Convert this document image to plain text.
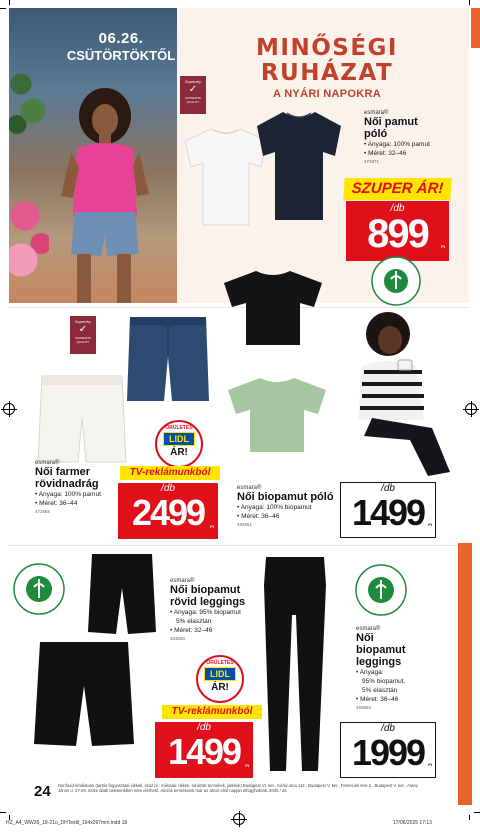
06.26.
CSÜTÖRTÖKTŐL	MINŐSÉGI
RUHÁZAT
A NYÁRI NAPOKRA
Superdry
✓
SUPERIOR QUALITY
esmara®
Női pamut
póló
• Anyaga: 100% pamut
• Méret: 32–46
472871
SZUPER ÁR!
/db
899	Ft
Superdry
✓
SUPERIOR QUALITY
esmara®
Női farmer
rövidnadrág
• Anyaga: 100% pamut
• Méret: 36–44
472865
ŐRÜLETES
LIDL
ÁR!
TV-reklámunkból
/db
2499	Ft
esmara®
Női biopamut póló
• Anyaga: 100% biopamut
• Méret: 36–46
483651
/db
1499	Ft
esmara®
Női biopamut
rövid leggings
• Anyaga: 95% biopamut
5% elasztán
• Méret: 32–46
483650
ŐRÜLETES
LIDL
ÁR!
TV-reklámunkból
/db
1499	Ft
esmara®
Női
biopamut
leggings
• Anyaga:
95% biopamut,
5% elasztán
• Méret: 36–46
483652
/db
1999	Ft
24 Nonfood-kínálatunk (tartós fogyasztási cikkek, szaz pl.: műszaki cikkek, ruházati termékek, játékok) Budapest VI. ker., Király utca 112., Budapest V. ker., Ferenciek tere 2., Budapest V. ker., Arany János u. 27-29. szám alatti üzleteinkben nem elérhető. Akciós termékeink már az akció első napján elfogyhatnak. 2025 / 26
HZ_A4_WW26_18-21o_DHTextil_164x297mm.indd 18	17/06/2025 17:13
